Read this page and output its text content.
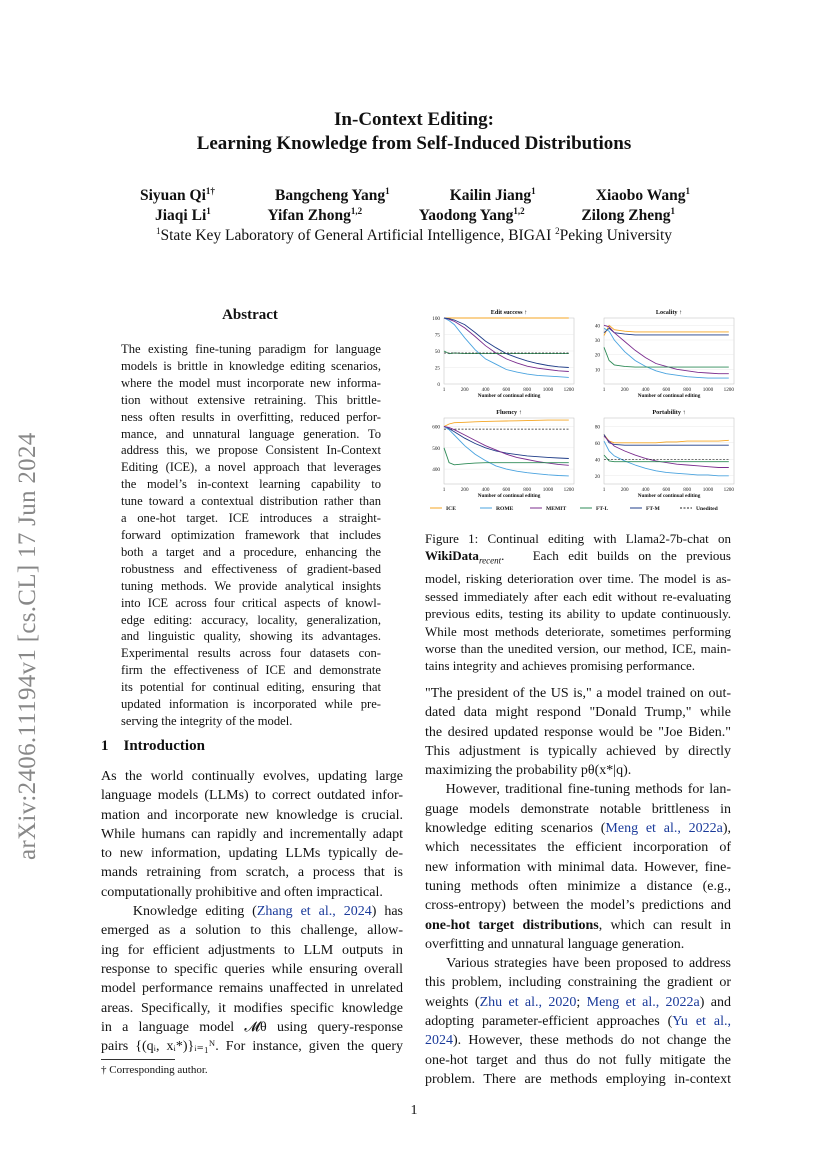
In-Context Editing:
Learning Knowledge from Self-Induced Distributions
Siyuan $Qi^{1\dagger}$	Bangcheng Yang$^1$	Kailin Jiang$^1$	Xiaobo Wang$^1$
Jiaqi Li$^1$	Yifan Zhong$^{1,2}$	Yaodong Yang$^{1,2}$	Zilong Zheng$^1$
$^1$State Key Laboratory of General Artificial Intelligence, BIGAI $^2$Peking University
arXiv:2406.11194v1 [cs.CL] 17 Jun 2024
Abstract
The existing fine-tuning paradigm for language
models is brittle in knowledge editing scenarios,
where the model must incorporate new informa-
tion without extensive retraining. This brittle-
ness often results in overfitting, reduced perfor-
mance, and unnatural language generation. To
address this, we propose Consistent In-Context
Editing (ICE), a novel approach that leverages
the model’s in-context learning capability to
tune toward a contextual distribution rather than
a one-hot target. ICE introduces a straight-
forward optimization framework that includes
both a target and a procedure, enhancing the
robustness and effectiveness of gradient-based
tuning methods. We provide analytical insights
into ICE across four critical aspects of knowl-
edge editing: accuracy, locality, generalization,
and linguistic quality, showing its advantages.
Experimental results across four datasets con-
firm the effectiveness of ICE and demonstrate
its potential for continual editing, ensuring that
updated information is incorporated while pre-
serving the integrity of the model.
1    Introduction
As the world continually evolves, updating large
language models (LLMs) to correct outdated infor-
mation and incorporate new knowledge is crucial.
While humans can rapidly and incrementally adapt
to new information, updating LLMs typically de-
mands retraining from scratch, a process that is
computationally prohibitive and often impractical.
Knowledge editing (Zhang et al., 2024) has
emerged as a solution to this challenge, allow-
ing for efficient adjustments to LLM outputs in
response to specific queries while ensuring overall
model performance remains unaffected in unrelated
areas. Specifically, it modifies specific knowledge
in a language model 𝓜θ using query-response
pairs {(qᵢ, xᵢ*)}ᵢ₌₁ᴺ. For instance, given the query
† Corresponding author.
0
25
50
75
100
1	200	400	600	800 1000 1200
Edit success ↑
Number of continual editing
10
20
30
40
1	200	400	600	800 1000 1200
Locality ↑
Number of continual editing
400
500
600
1	200	400	600	800 1000 1200
Fluency ↑
Number of continual editing
20
40
60
80
1	200	400	600	800 1000 1200
Portability ↑
Number of continual editing
ICE	ROME	MEMIT	FT-L	FT-M	Unedited
Figure 1: Continual editing with Llama2-7b-chat on
WikiData$_{recent}$.   Each edit builds on the previous
model, risking deterioration over time. The model is as-
sessed immediately after each edit without re-evaluating
previous edits, testing its ability to update continuously.
While most methods deteriorate, sometimes performing
worse than the unedited version, our method, ICE, main-
tains integrity and achieves promising performance.
"The president of the US is," a model trained on out-
dated data might respond "Donald Trump," while
the desired updated response would be "Joe Biden."
This adjustment is typically achieved by directly
maximizing the probability pθ(x*|q).
However, traditional fine-tuning methods for lan-
guage models demonstrate notable brittleness in
knowledge editing scenarios (Meng et al., 2022a),
which necessitates the efficient incorporation of
new information with minimal data. However, fine-
tuning methods often minimize a distance (e.g.,
cross-entropy) between the model’s predictions and
one-hot target distributions, which can result in
overfitting and unnatural language generation.
Various strategies have been proposed to address
this problem, including constraining the gradient or
weights (Zhu et al., 2020; Meng et al., 2022a) and
adopting parameter-efficient approaches (Yu et al.,
2024). However, these methods do not change the
one-hot target and thus do not fully mitigate the
problem. There are methods employing in-context
1
